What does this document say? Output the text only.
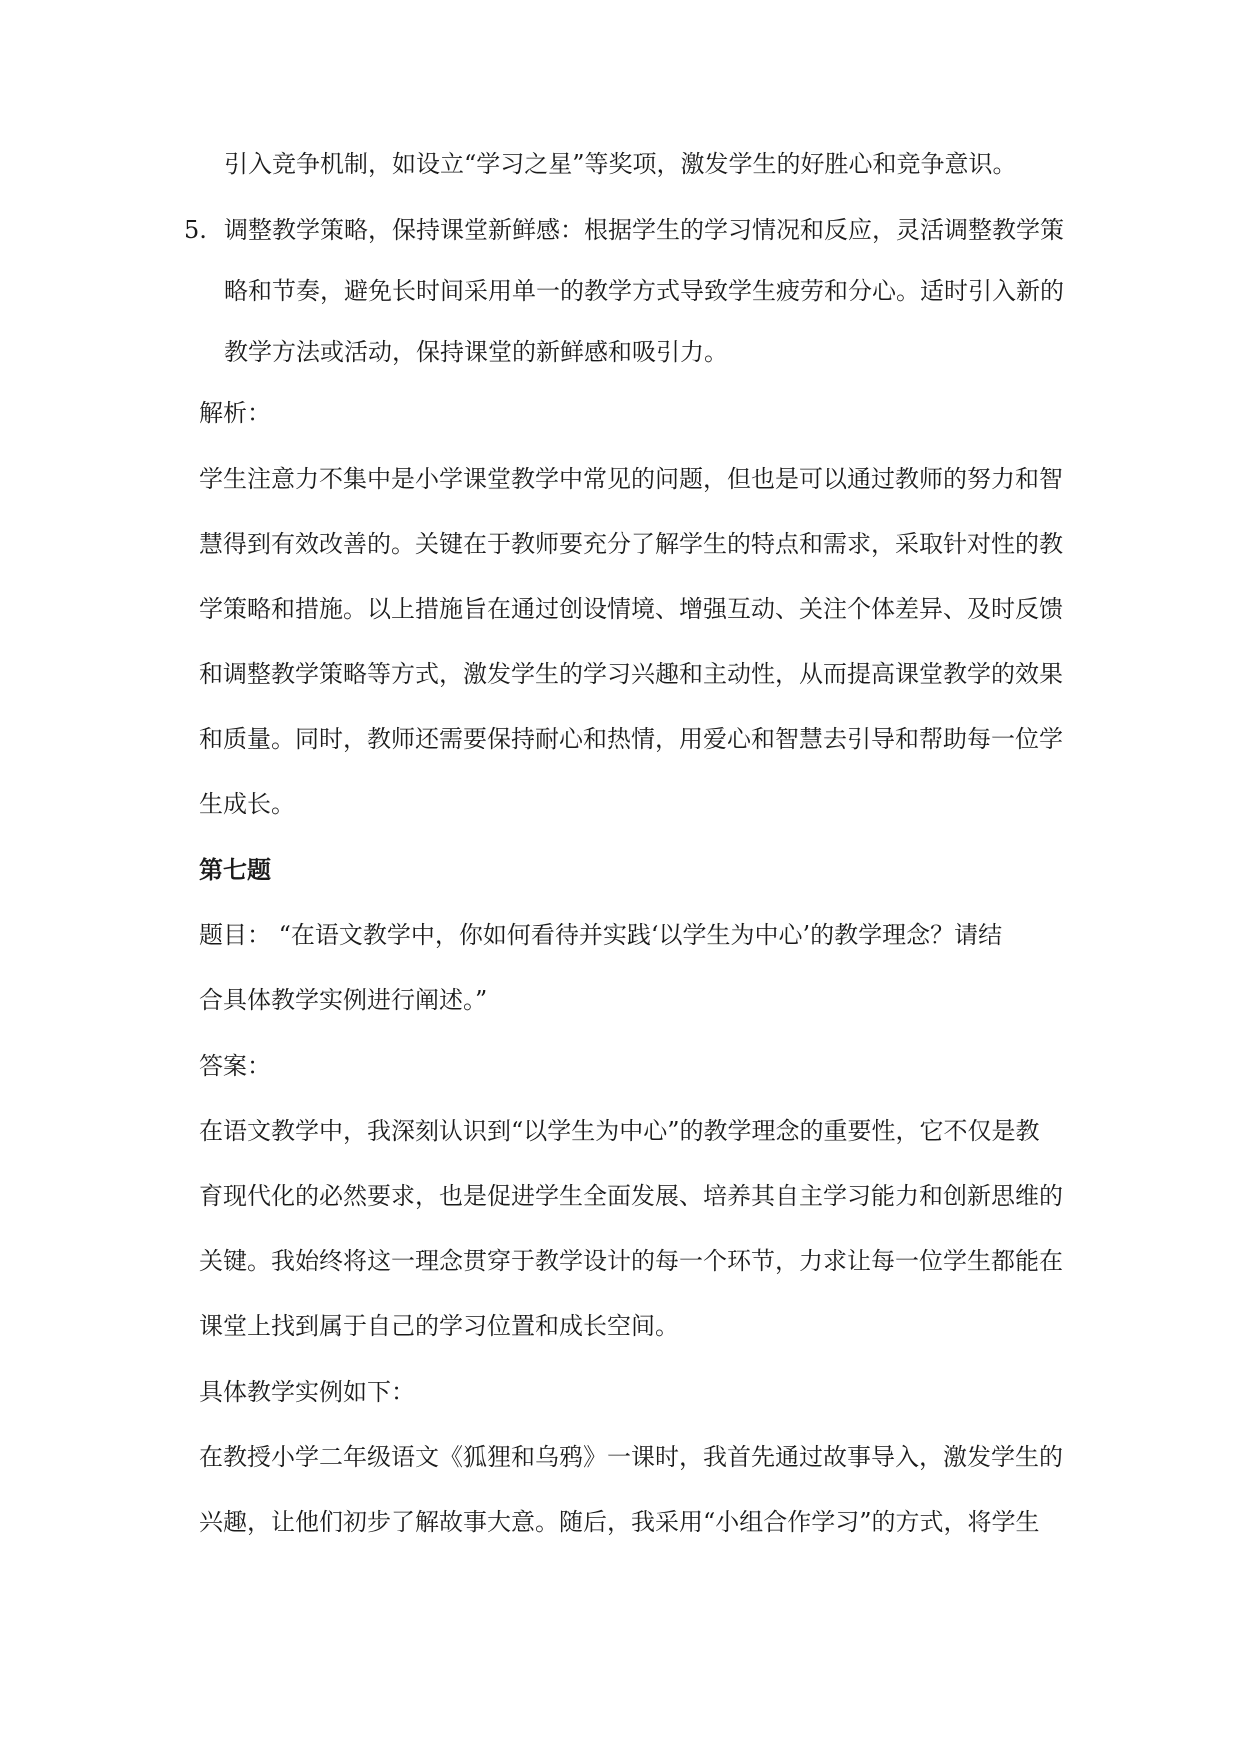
引入竞争机制，如设立“学习之星”等奖项，激发学生的好胜心和竞争意识。
5. 调整教学策略，保持课堂新鲜感：根据学生的学习情况和反应，灵活调整教学策
略和节奏，避免长时间采用单一的教学方式导致学生疲劳和分心。适时引入新的
教学方法或活动，保持课堂的新鲜感和吸引力。
解析：
学生注意力不集中是小学课堂教学中常见的问题，但也是可以通过教师的努力和智
慧得到有效改善的。关键在于教师要充分了解学生的特点和需求，采取针对性的教
学策略和措施。以上措施旨在通过创设情境、增强互动、关注个体差异、及时反馈
和调整教学策略等方式，激发学生的学习兴趣和主动性，从而提高课堂教学的效果
和质量。同时，教师还需要保持耐心和热情，用爱心和智慧去引导和帮助每一位学
生成长。
第七题
题目： “在语文教学中，你如何看待并实践‘以学生为中心’的教学理念？请结
合具体教学实例进行阐述。”
答案：
在语文教学中，我深刻认识到“以学生为中心”的教学理念的重要性，它不仅是教
育现代化的必然要求，也是促进学生全面发展、培养其自主学习能力和创新思维的
关键。我始终将这一理念贯穿于教学设计的每一个环节，力求让每一位学生都能在
课堂上找到属于自己的学习位置和成长空间。
具体教学实例如下：
在教授小学二年级语文《狐狸和乌鸦》一课时，我首先通过故事导入，激发学生的
兴趣，让他们初步了解故事大意。随后，我采用“小组合作学习”的方式，将学生
